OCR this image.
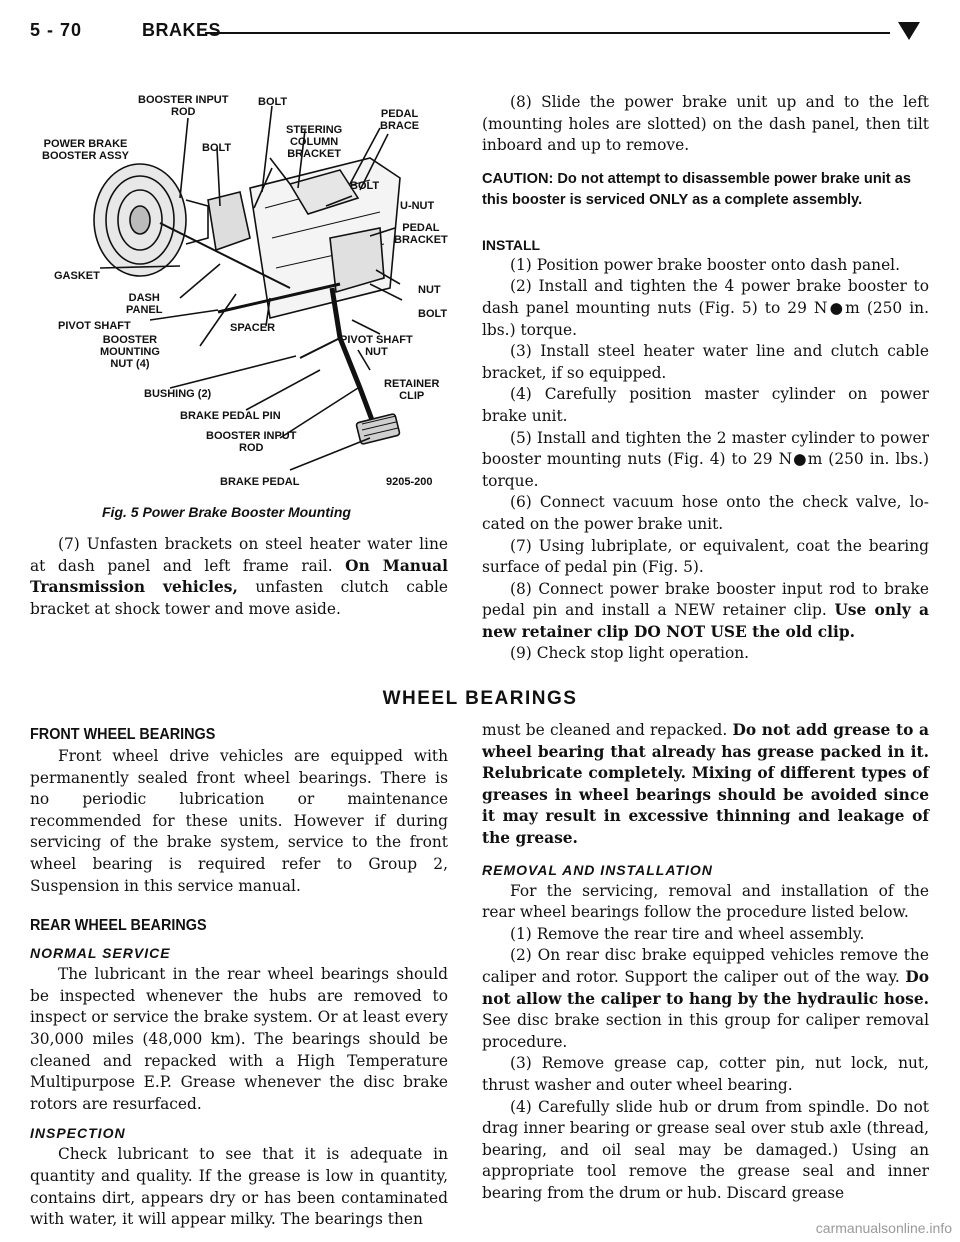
5 - 70	BRAKES
BOOSTER INPUT
ROD
BOLT
PEDAL
BRACE
POWER BRAKE
BOOSTER ASSY
BOLT
STEERING
COLUMN
BRACKET
BOLT
U-NUT
PEDAL
BRACKET
GASKET
NUT
DASH
PANEL	BOLT
PIVOT SHAFT	SPACER
BOOSTER
MOUNTING
NUT (4)
PIVOT SHAFT
NUT
RETAINER
CLIP
BUSHING (2)
BRAKE PEDAL PIN
BOOSTER INPUT
ROD
BRAKE PEDAL	9205-200
Fig. 5 Power Brake Booster Mounting

(7) Unfasten brackets on steel heater water line at dash panel and left frame rail. On Manual Transmission vehicles, unfasten clutch cable bracket at shock tower and move aside.

(8) Slide the power brake unit up and to the left (mounting holes are slotted) on the dash panel, then tilt inboard and up to remove.

CAUTION: Do not attempt to disassemble power brake unit as this booster is serviced ONLY as a complete assembly.

INSTALL

(1) Position power brake booster onto dash panel.

(2) Install and tighten the 4 power brake booster to dash panel mounting nuts (Fig. 5) to 29 N●m (250 in. lbs.) torque.

(3) Install steel heater water line and clutch cable bracket, if so equipped.

(4) Carefully position master cylinder on power brake unit.

(5) Install and tighten the 2 master cylinder to power booster mounting nuts (Fig. 4) to 29 N●m (250 in. lbs.) torque.

(6) Connect vacuum hose onto the check valve, located on the power brake unit.

(7) Using lubriplate, or equivalent, coat the bearing surface of pedal pin (Fig. 5).

(8) Connect power brake booster input rod to brake pedal pin and install a NEW retainer clip. Use only a new retainer clip DO NOT USE the old clip.

(9) Check stop light operation.

WHEEL BEARINGS

FRONT WHEEL BEARINGS

Front wheel drive vehicles are equipped with permanently sealed front wheel bearings. There is no periodic lubrication or maintenance recommended for these units. However if during servicing of the brake system, service to the front wheel bearing is required refer to Group 2, Suspension in this service manual.

REAR WHEEL BEARINGS

NORMAL SERVICE

The lubricant in the rear wheel bearings should be inspected whenever the hubs are removed to inspect or service the brake system. Or at least every 30,000 miles (48,000 km). The bearings should be cleaned and repacked with a High Temperature Multipurpose E.P. Grease whenever the disc brake rotors are resurfaced.

INSPECTION

Check lubricant to see that it is adequate in quantity and quality. If the grease is low in quantity, contains dirt, appears dry or has been contaminated with water, it will appear milky. The bearings then

must be cleaned and repacked. Do not add grease to a wheel bearing that already has grease packed in it. Relubricate completely. Mixing of different types of greases in wheel bearings should be avoided since it may result in excessive thinning and leakage of the grease.

REMOVAL AND INSTALLATION

For the servicing, removal and installation of the rear wheel bearings follow the procedure listed below.

(1) Remove the rear tire and wheel assembly.

(2) On rear disc brake equipped vehicles remove the caliper and rotor. Support the caliper out of the way. Do not allow the caliper to hang by the hydraulic hose. See disc brake section in this group for caliper removal procedure.

(3) Remove grease cap, cotter pin, nut lock, nut, thrust washer and outer wheel bearing.

(4) Carefully slide hub or drum from spindle. Do not drag inner bearing or grease seal over stub axle (thread, bearing, and oil seal may be damaged.) Using an appropriate tool remove the grease seal and inner bearing from the drum or hub. Discard grease

carmanualsonline.info
